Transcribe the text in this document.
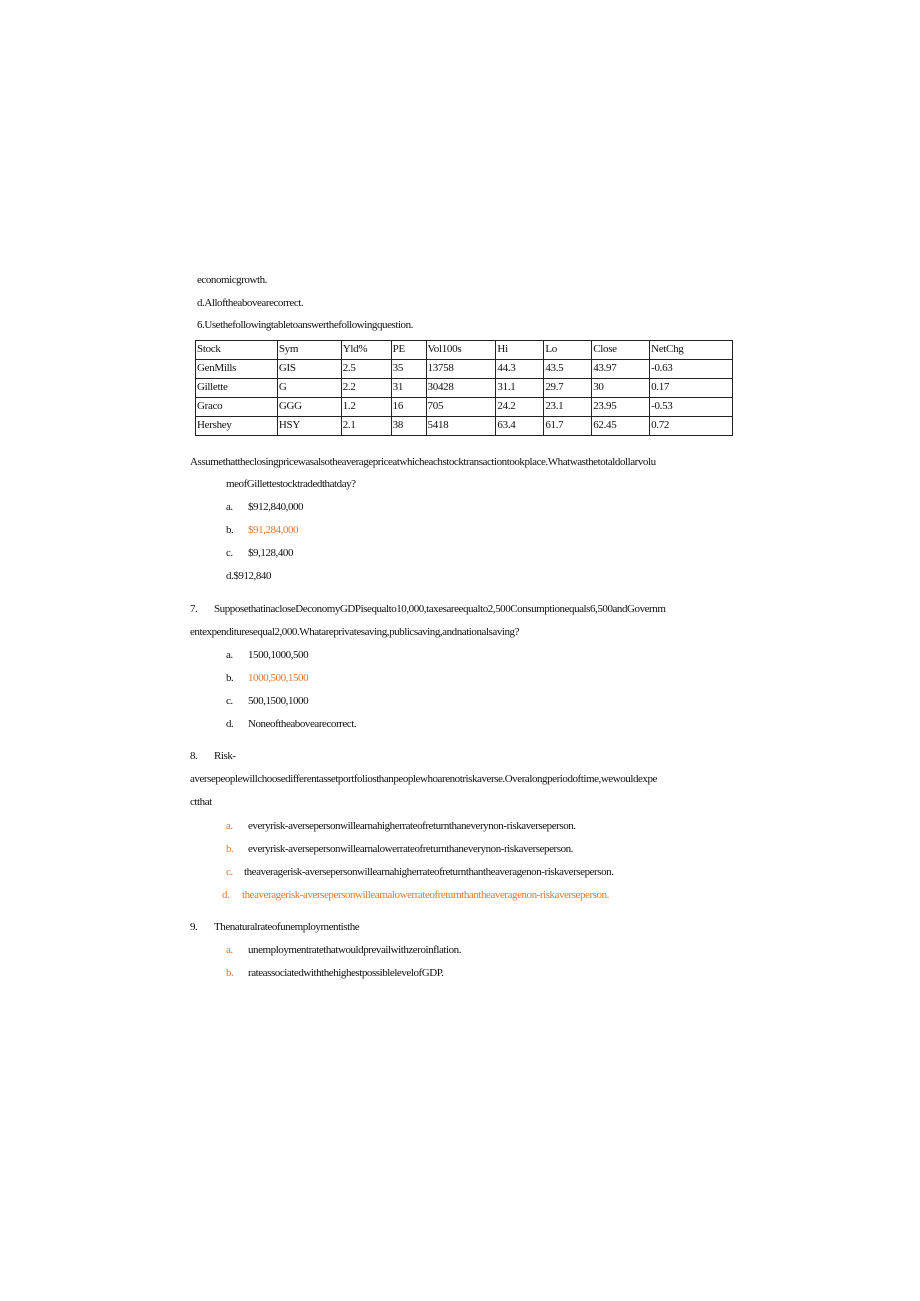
economicgrowth.
d.Alloftheabovearecorrect.
6.Usethefollowingtabletoanswerthefollowingquestion.
Stock	Sym	Yld%	PE	Vol100s	Hi	Lo	Close	NetChg
GenMills	GIS	2.5	35	13758	44.3	43.5	43.97	-0.63
Gillette	G	2.2	31	30428	31.1	29.7	30	0.17
Graco	GGG	1.2	16	705	24.2	23.1	23.95	-0.53
Hershey	HSY	2.1	38	5418	63.4	61.7	62.45	0.72
Assumethattheclosingpricewasalsotheaveragepriceatwhicheachstocktransactiontookplace.Whatwasthetotaldollarvolu
meofGillettestocktradedthatday?
a. $912,840,000
b. $91,284,000
c. $9,128,400
d.$912,840
7. SupposethatinacloseDeconomyGDPisequalto10,000,taxesareequalto2,500Consumptionequals6,500andGovernm
entexpendituresequal2,000.Whatareprivatesaving,publicsaving,andnationalsaving?
a. 1500,1000,500
b. 1000,500,1500
c. 500,1500,1000
d. Noneoftheabovearecorrect.
8. Risk-
aversepeoplewillchoosedifferentassetportfoliosthanpeoplewhoarenotriskaverse.Overalongperiodoftime,wewouldexpe
ctthat
a. everyrisk-aversepersonwillearnahigherrateofreturnthaneverynon-riskaverseperson.
b. everyrisk-aversepersonwillearnalowerrateofreturnthaneverynon-riskaverseperson.
c. theaveragerisk-aversepersonwillearnahigherrateofreturnthantheaveragenon-riskaverseperson.
d. theaveragerisk-aversepersonwillearnalowerrateofreturnthantheaveragenon-riskaverseperson.
9. Thenaturalrateofunemploymentisthe
a. unemploymentratethatwouldprevailwithzeroinflation.
b. rateassociatedwiththehighestpossiblelevelofGDP.
